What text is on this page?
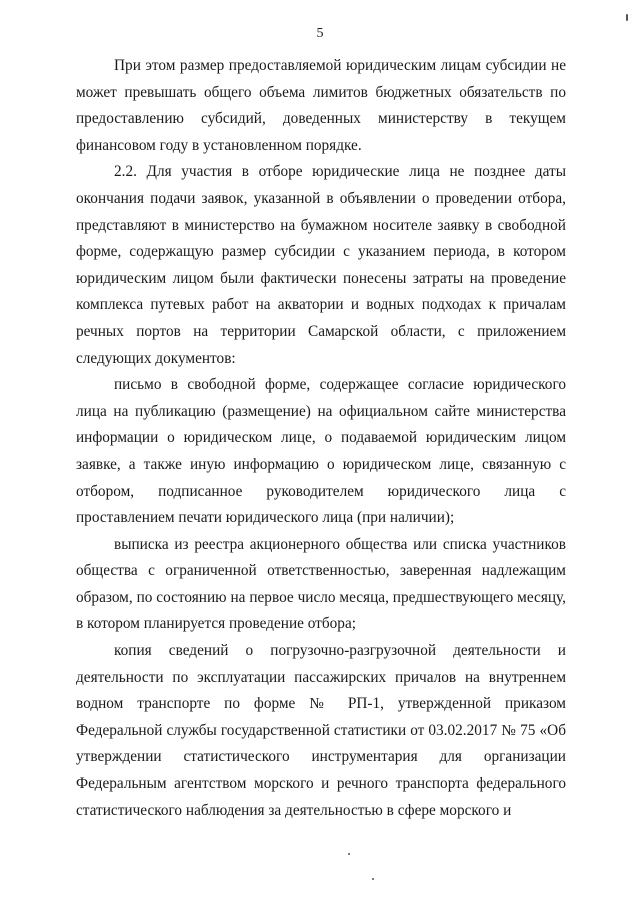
5

При этом размер предоставляемой юридическим лицам субсидии не может превышать общего объема лимитов бюджетных обязательств по предоставлению субсидий, доведенных министерству в текущем финансовом году в установленном порядке.

2.2. Для участия в отборе юридические лица не позднее даты окончания подачи заявок, указанной в объявлении о проведении отбора, представляют в министерство на бумажном носителе заявку в свободной форме, содержащую размер субсидии с указанием периода, в котором юридическим лицом были фактически понесены затраты на проведение комплекса путевых работ на акватории и водных подходах к причалам речных портов на территории Самарской области, с приложением следующих документов:

письмо в свободной форме, содержащее согласие юридического лица на публикацию (размещение) на официальном сайте министерства информации о юридическом лице, о подаваемой юридическим лицом заявке, а также иную информацию о юридическом лице, связанную с отбором, подписанное руководителем юридического лица с проставлением печати юридического лица (при наличии);

выписка из реестра акционерного общества или списка участников общества с ограниченной ответственностью, заверенная надлежащим образом, по состоянию на первое число месяца, предшествующего месяцу, в котором планируется проведение отбора;

копия сведений о погрузочно-разгрузочной деятельности и деятельности по эксплуатации пассажирских причалов на внутреннем водном транспорте по форме № РП-1, утвержденной приказом Федеральной службы государственной статистики от 03.02.2017 № 75 «Об утверждении статистического инструментария для организации Федеральным агентством морского и речного транспорта федерального статистического наблюдения за деятельностью в сфере морского и
